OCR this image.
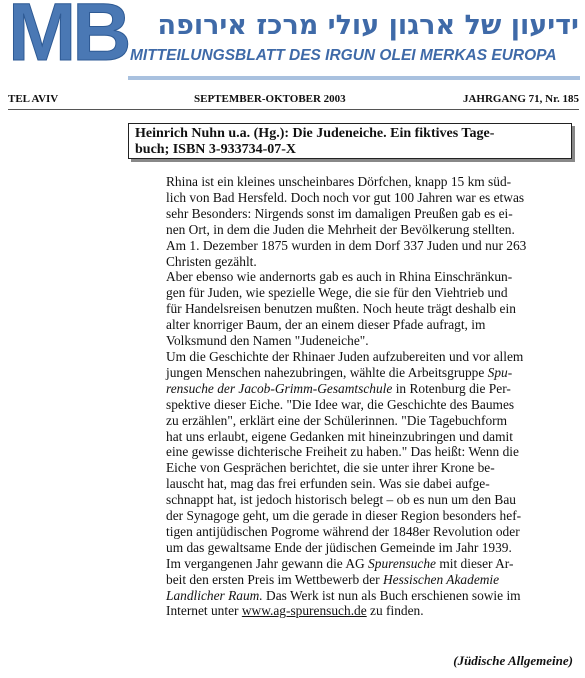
MB ידיעון של ארגון עולי מרכז אירופה
MITTEILUNGSBLATT DES IRGUN OLEI MERKAS EUROPA
TEL AVIV	SEPTEMBER-OKTOBER 2003	JAHRGANG 71, Nr. 185
Heinrich Nuhn u.a. (Hg.): Die Judeneiche. Ein fiktives Tage-
buch; ISBN 3-933734-07-X

Rhina ist ein kleines unscheinbares Dörfchen, knapp 15 km süd-
lich von Bad Hersfeld. Doch noch vor gut 100 Jahren war es etwas
sehr Besonders: Nirgends sonst im damaligen Preußen gab es ei-
nen Ort, in dem die Juden die Mehrheit der Bevölkerung stellten.
Am 1. Dezember 1875 wurden in dem Dorf 337 Juden und nur 263
Christen gezählt.

Aber ebenso wie andernorts gab es auch in Rhina Einschränkun-
gen für Juden, wie spezielle Wege, die sie für den Viehtrieb und
für Handelsreisen benutzen mußten. Noch heute trägt deshalb ein
alter knorriger Baum, der an einem dieser Pfade aufragt, im
Volksmund den Namen "Judeneiche".

Um die Geschichte der Rhinaer Juden aufzubereiten und vor allem
jungen Menschen nahezubringen, wählte die Arbeitsgruppe Spu-
rensuche der Jacob-Grimm-Gesamtschule in Rotenburg die Per-
spektive dieser Eiche. "Die Idee war, die Geschichte des Baumes
zu erzählen", erklärt eine der Schülerinnen. "Die Tagebuchform
hat uns erlaubt, eigene Gedanken mit hineinzubringen und damit
eine gewisse dichterische Freiheit zu haben." Das heißt: Wenn die
Eiche von Gesprächen berichtet, die sie unter ihrer Krone be-
lauscht hat, mag das frei erfunden sein. Was sie dabei aufge-
schnappt hat, ist jedoch historisch belegt – ob es nun um den Bau
der Synagoge geht, um die gerade in dieser Region besonders hef-
tigen antijüdischen Pogrome während der 1848er Revolution oder
um das gewaltsame Ende der jüdischen Gemeinde im Jahr 1939.

Im vergangenen Jahr gewann die AG Spurensuche mit dieser Ar-
beit den ersten Preis im Wettbewerb der Hessischen Akademie
Landlicher Raum. Das Werk ist nun als Buch erschienen sowie im
Internet unter www.ag-spurensuch.de zu finden.

(Jüdische Allgemeine)
